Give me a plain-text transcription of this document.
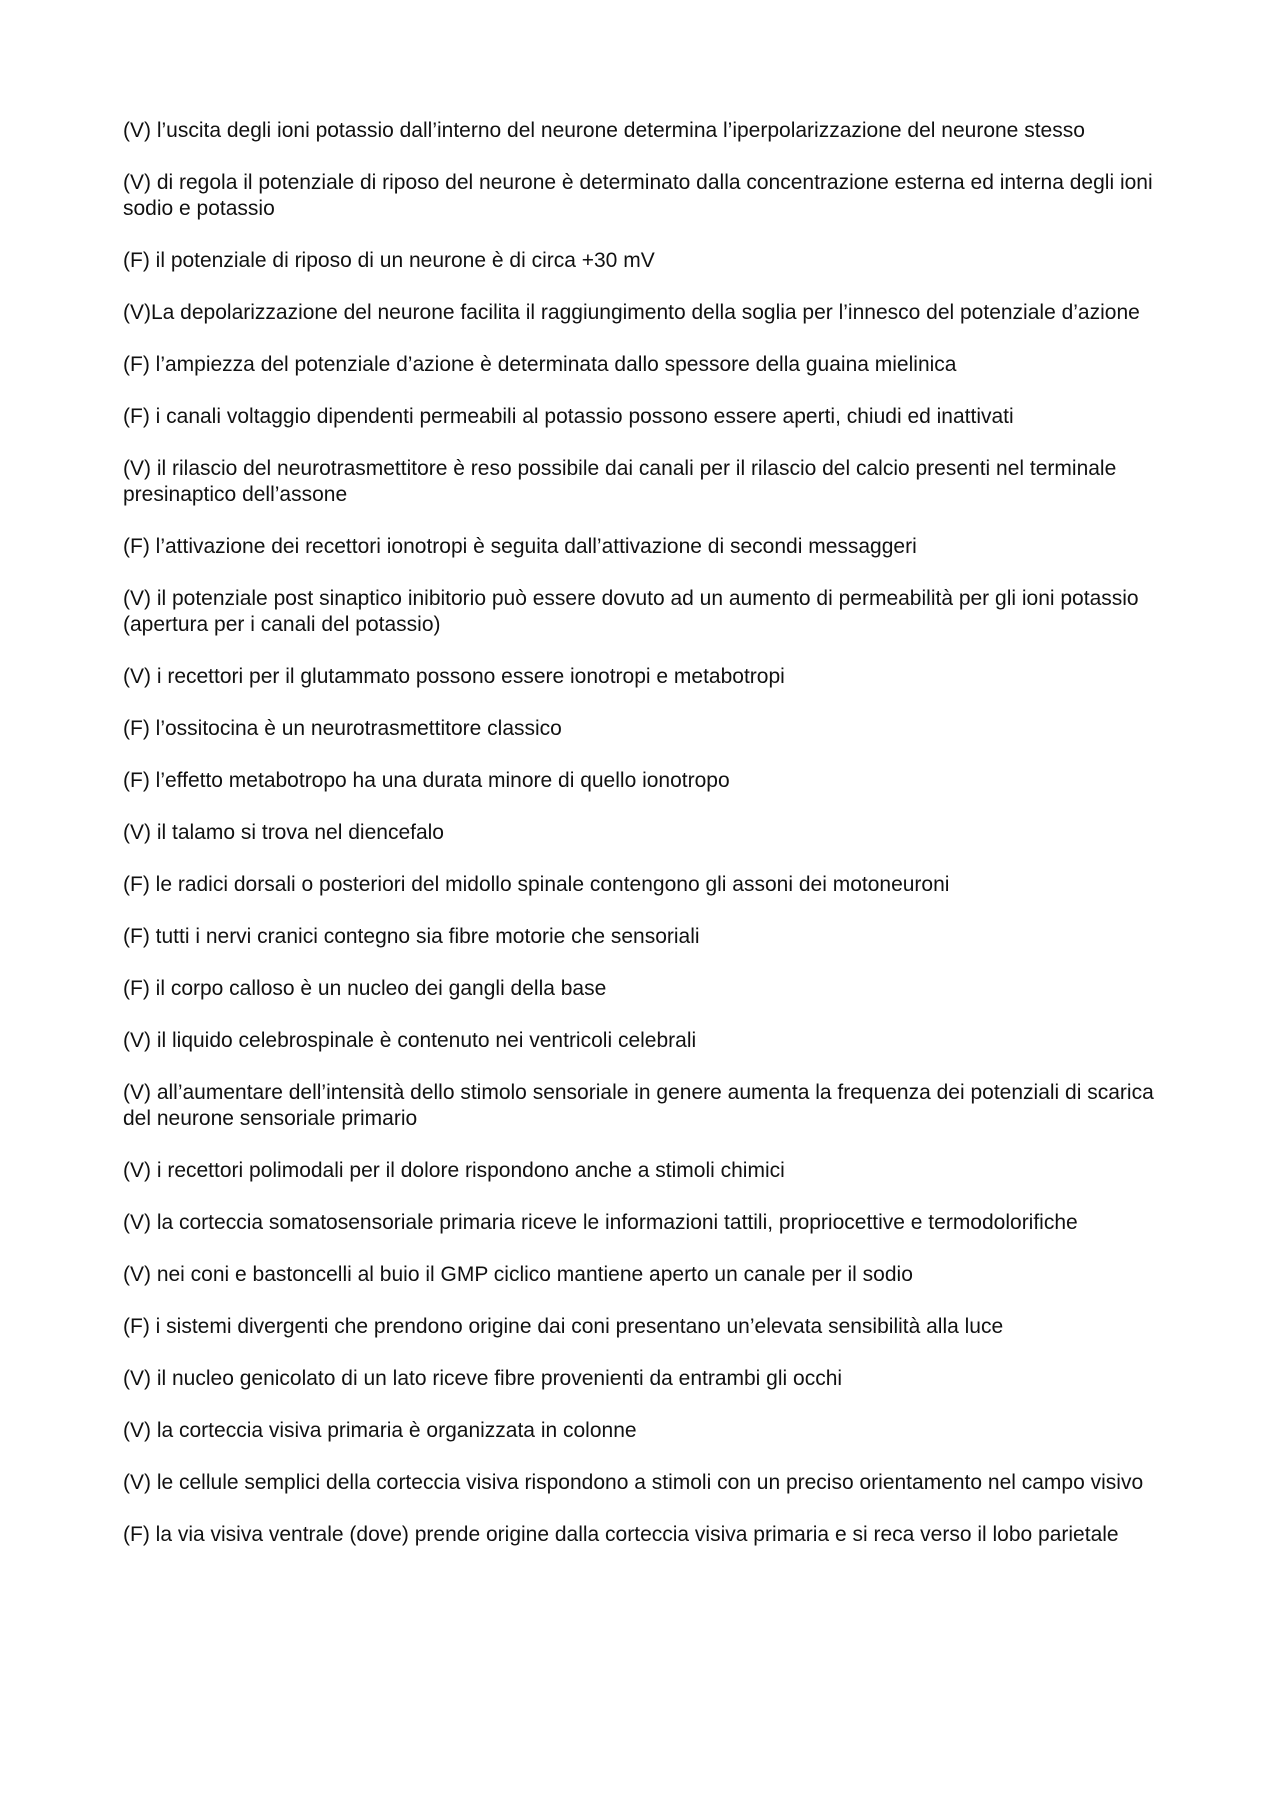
(V) l’uscita degli ioni potassio dall’interno del neurone determina l’iperpolarizzazione del neurone stesso

(V) di regola il potenziale di riposo del neurone è determinato dalla concentrazione esterna ed interna degli ioni sodio e potassio

(F) il potenziale di riposo di un neurone è di circa +30 mV

(V)La depolarizzazione del neurone facilita il raggiungimento della soglia per l’innesco del potenziale d’azione

(F) l’ampiezza del potenziale d’azione è determinata dallo spessore della guaina mielinica

(F) i canali voltaggio dipendenti permeabili al potassio possono essere aperti, chiudi ed inattivati

(V) il rilascio del neurotrasmettitore è reso possibile dai canali per il rilascio del calcio presenti nel terminale presinaptico dell’assone

(F) l’attivazione dei recettori ionotropi è seguita dall’attivazione di secondi messaggeri

(V) il potenziale post sinaptico inibitorio può essere dovuto ad un aumento di permeabilità per gli ioni potassio (apertura per i canali del potassio)

(V) i recettori per il glutammato possono essere ionotropi e metabotropi

(F) l’ossitocina è un neurotrasmettitore classico

(F) l’effetto metabotropo ha una durata minore di quello ionotropo

(V) il talamo si trova nel diencefalo

(F) le radici dorsali o posteriori del midollo spinale contengono gli assoni dei motoneuroni

(F) tutti i nervi cranici contegno sia fibre motorie che sensoriali

(F) il corpo calloso è un nucleo dei gangli della base

(V) il liquido celebrospinale è contenuto nei ventricoli celebrali

(V) all’aumentare dell’intensità dello stimolo sensoriale in genere aumenta la frequenza dei potenziali di scarica del neurone sensoriale primario

(V) i recettori polimodali per il dolore rispondono anche a stimoli chimici

(V) la corteccia somatosensoriale primaria riceve le informazioni tattili, propriocettive e termodolorifiche

(V) nei coni e bastoncelli al buio il GMP ciclico mantiene aperto un canale per il sodio

(F) i sistemi divergenti che prendono origine dai coni presentano un’elevata sensibilità alla luce

(V) il nucleo genicolato di un lato riceve fibre provenienti da entrambi gli occhi

(V) la corteccia visiva primaria è organizzata in colonne

(V) le cellule semplici della corteccia visiva rispondono a stimoli con un preciso orientamento nel campo visivo

(F) la via visiva ventrale (dove) prende origine dalla corteccia visiva primaria e si reca verso il lobo parietale
